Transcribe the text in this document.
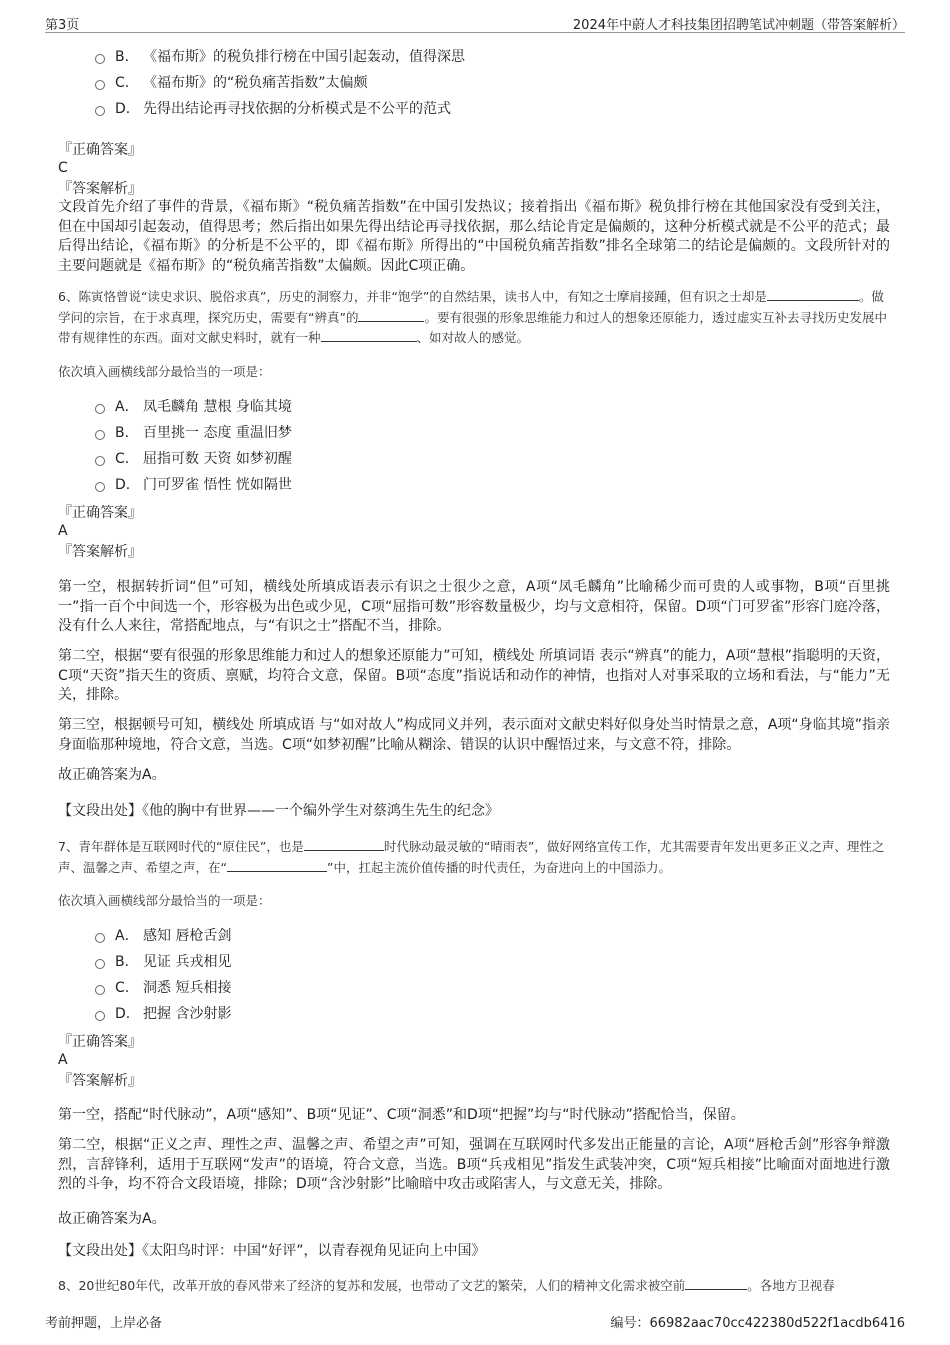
第3页	2024年中蔚人才科技集团招聘笔试冲刺题（带答案解析）
B. 《福布斯》的税负排行榜在中国引起轰动，值得深思
C. 《福布斯》的“税负痛苦指数”太偏颇
D. 先得出结论再寻找依据的分析模式是不公平的范式
『正确答案』
C
『答案解析』
文段首先介绍了事件的背景，《福布斯》“税负痛苦指数”在中国引发热议；接着指出《福布斯》税负排行榜在其他国家没有受到关注，但在中国却引起轰动，值得思考；然后指出如果先得出结论再寻找依据，那么结论肯定是偏颇的，这种分析模式就是不公平的范式；最后得出结论，《福布斯》的分析是不公平的，即《福布斯》所得出的“中国税负痛苦指数”排名全球第二的结论是偏颇的。文段所针对的主要问题就是《福布斯》的“税负痛苦指数”太偏颇。因此C项正确。
6、陈寅恪曾说“读史求识、脱俗求真”，历史的洞察力，并非“饱学”的自然结果，读书人中，有知之士摩肩接踵，但有识之士却是	。做学问的宗旨，在于求真理，探究历史，需要有“辨真”的	。要有很强的形象思维能力和过人的想象还原能力，透过虚实互补去寻找历史发展中带有规律性的东西。面对文献史料时，就有一种	、如对故人的感觉。
依次填入画横线部分最恰当的一项是：
A． 凤毛麟角 慧根 身临其境
B. 百里挑一 态度 重温旧梦
C. 屈指可数 天资 如梦初醒
D. 门可罗雀 悟性 恍如隔世
『正确答案』
A
『答案解析』
第一空，根据转折词“但”可知，横线处所填成语表示有识之士很少之意，A项“凤毛麟角”比喻稀少而可贵的人或事物，B项“百里挑一”指一百个中间选一个，形容极为出色或少见，C项“屈指可数”形容数量极少，均与文意相符，保留。D项“门可罗雀”形容门庭冷落，没有什么人来往，常搭配地点，与“有识之士”搭配不当，排除。
第二空，根据“要有很强的形象思维能力和过人的想象还原能力”可知，横线处 所填词语 表示“辨真”的能力，A项“慧根”指聪明的天资，C项“天资”指天生的资质、禀赋，均符合文意，保留。B项“态度”指说话和动作的神情，也指对人对事采取的立场和看法，与“能力”无关，排除。
第三空，根据顿号可知，横线处 所填成语 与“如对故人”构成同义并列，表示面对文献史料好似身处当时情景之意，A项“身临其境”指亲身面临那种境地，符合文意，当选。C项“如梦初醒”比喻从糊涂、错误的认识中醒悟过来，与文意不符，排除。
故正确答案为A。
【文段出处】《他的胸中有世界——一个编外学生对蔡鸿生先生的纪念》
7、青年群体是互联网时代的“原住民”，也是	时代脉动最灵敏的“晴雨表”，做好网络宣传工作，尤其需要青年发出更多正义之声、理性之声、温馨之声、希望之声，在“	”中，扛起主流价值传播的时代责任，为奋进向上的中国添力。
依次填入画横线部分最恰当的一项是：
A． 感知 唇枪舌剑
B. 见证 兵戎相见
C. 洞悉 短兵相接
D. 把握 含沙射影
『正确答案』
A
『答案解析』
第一空，搭配“时代脉动”，A项“感知”、B项“见证”、C项“洞悉”和D项“把握”均与“时代脉动”搭配恰当，保留。
第二空，根据“正义之声、理性之声、温馨之声、希望之声”可知，强调在互联网时代多发出正能量的言论，A项“唇枪舌剑”形容争辩激烈，言辞锋利，适用于互联网“发声”的语境，符合文意，当选。B项“兵戎相见”指发生武装冲突，C项“短兵相接”比喻面对面地进行激烈的斗争，均不符合文段语境，排除；D项“含沙射影”比喻暗中攻击或陷害人，与文意无关，排除。
故正确答案为A。
【文段出处】《太阳鸟时评：中国“好评”，以青春视角见证向上中国》
8、20世纪80年代，改革开放的春风带来了经济的复苏和发展，也带动了文艺的繁荣，人们的精神文化需求被空前	。各地方卫视春
考前押题，上岸必备	编号：66982aac70cc422380d522f1acdb6416
